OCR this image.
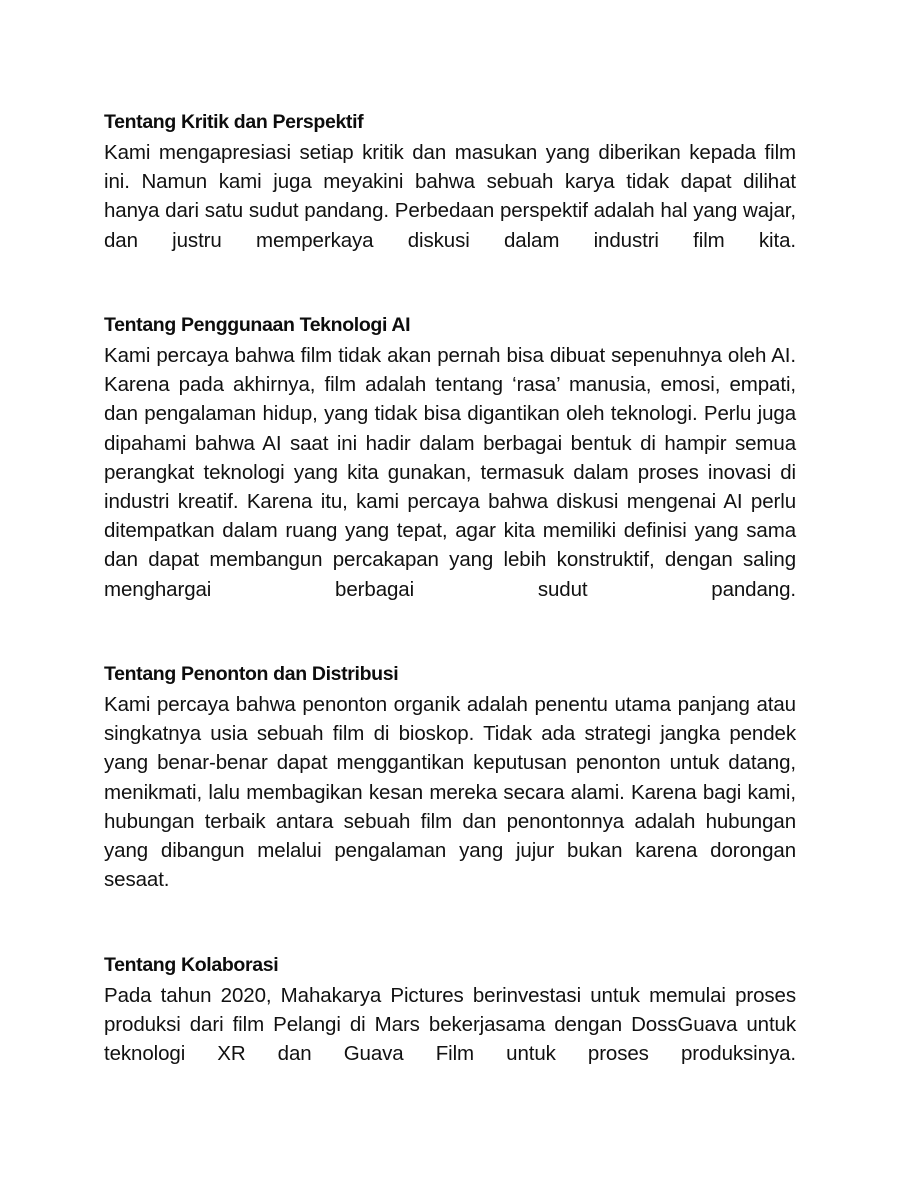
Tentang Kritik dan Perspektif

Kami mengapresiasi setiap kritik dan masukan yang diberikan kepada film ini. Namun kami juga meyakini bahwa sebuah karya tidak dapat dilihat hanya dari satu sudut pandang. Perbedaan perspektif adalah hal yang wajar, dan justru memperkaya diskusi dalam industri film kita.

Tentang Penggunaan Teknologi AI

Kami percaya bahwa film tidak akan pernah bisa dibuat sepenuhnya oleh AI. Karena pada akhirnya, film adalah tentang ‘rasa’ manusia, emosi, empati, dan pengalaman hidup, yang tidak bisa digantikan oleh teknologi. Perlu juga dipahami bahwa AI saat ini hadir dalam berbagai bentuk di hampir semua perangkat teknologi yang kita gunakan, termasuk dalam proses inovasi di industri kreatif. Karena itu, kami percaya bahwa diskusi mengenai AI perlu ditempatkan dalam ruang yang tepat, agar kita memiliki definisi yang sama dan dapat membangun percakapan yang lebih konstruktif, dengan saling menghargai berbagai sudut pandang.

Tentang Penonton dan Distribusi

Kami percaya bahwa penonton organik adalah penentu utama panjang atau singkatnya usia sebuah film di bioskop. Tidak ada strategi jangka pendek yang benar-benar dapat menggantikan keputusan penonton untuk datang, menikmati, lalu membagikan kesan mereka secara alami. Karena bagi kami, hubungan terbaik antara sebuah film dan penontonnya adalah hubungan yang dibangun melalui pengalaman yang jujur bukan karena dorongan sesaat.

Tentang Kolaborasi

Pada tahun 2020, Mahakarya Pictures berinvestasi untuk memulai proses produksi dari film Pelangi di Mars bekerjasama dengan DossGuava untuk teknologi XR dan Guava Film untuk proses produksinya.
